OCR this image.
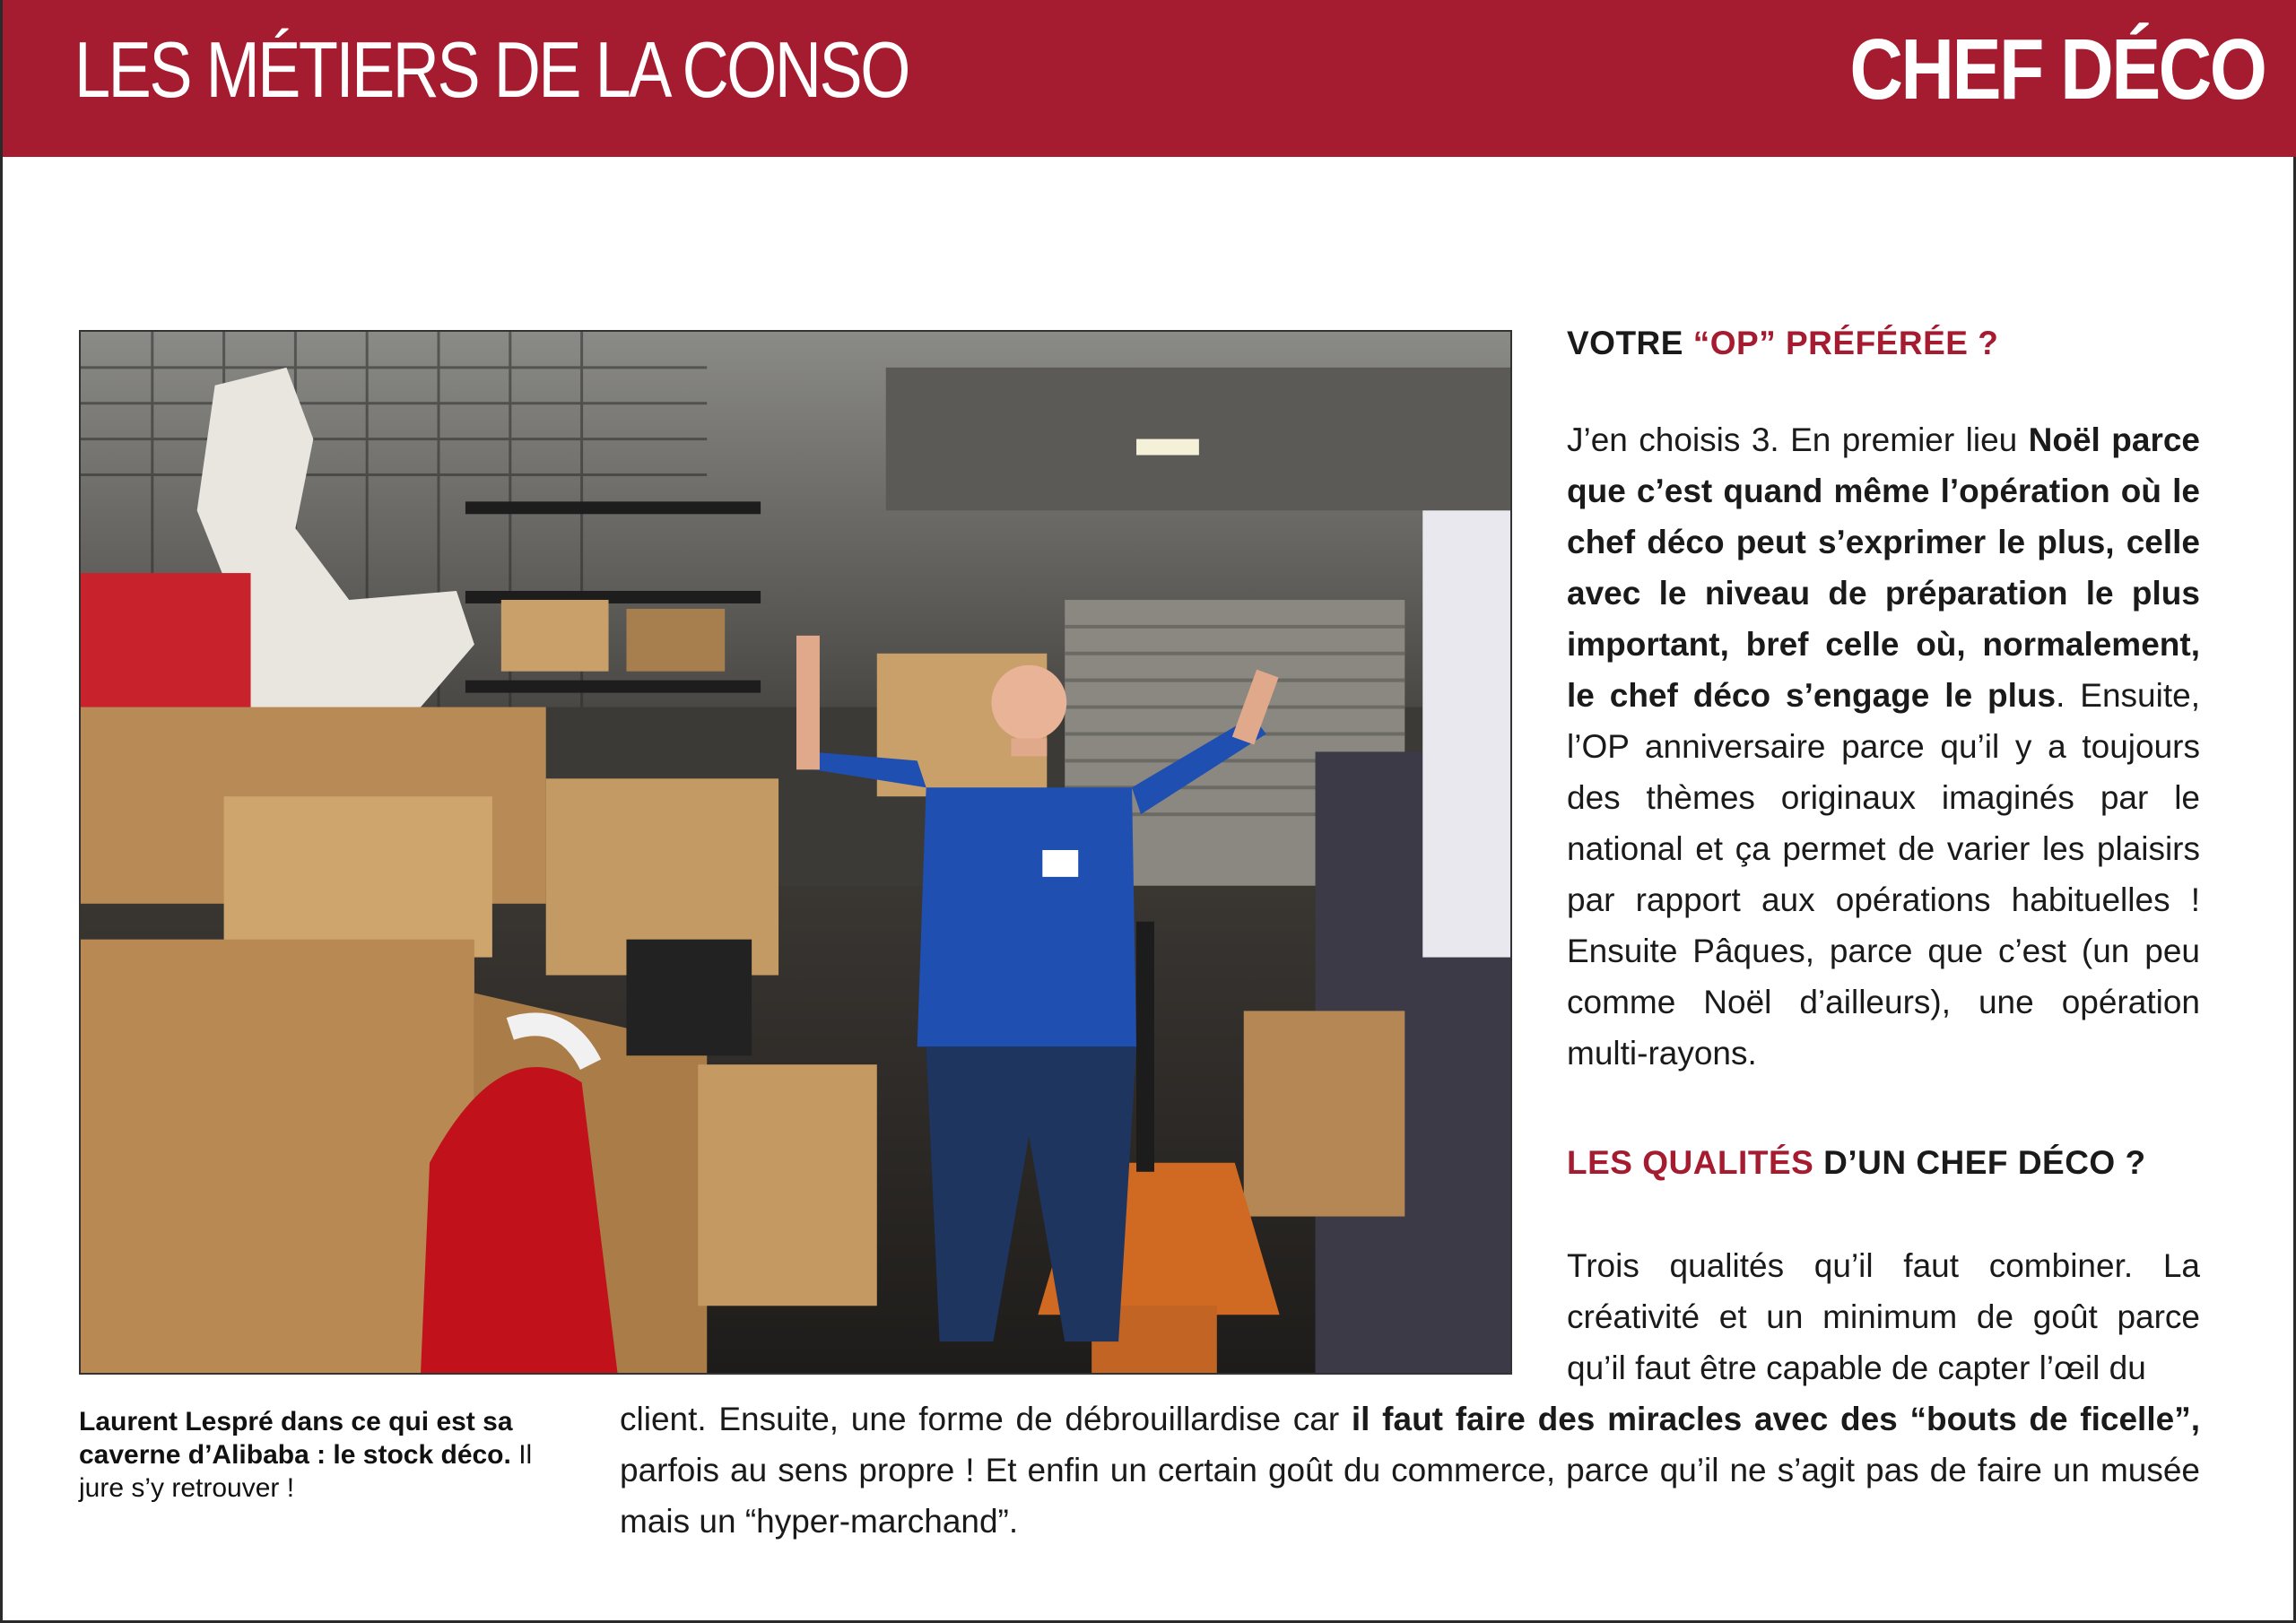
LES MÉTIERS DE LA CONSO	CHEF DÉCO
Laurent Lespré dans ce qui est sa caverne d’Alibaba : le stock déco. Il jure s’y retrouver !
VOTRE “OP” PRÉFÉRÉE ?
J’en choisis 3. En premier lieu Noël parce que c’est quand même l’opération où le chef déco peut s’exprimer le plus, celle avec le niveau de préparation le plus important, bref celle où, normalement, le chef déco s’engage le plus. Ensuite, l’OP anniversaire parce qu’il y a toujours des thèmes originaux imaginés par le national et ça permet de varier les plaisirs par rapport aux opérations habituelles ! Ensuite Pâques, parce que c’est (un peu comme Noël d’ailleurs), une opération multi-rayons.
LES QUALITÉS D’UN CHEF DÉCO ?
Trois qualités qu’il faut combiner. La créativité et un minimum de goût parce qu’il faut être capable de capter l’œil du
client. Ensuite, une forme de débrouillardise car il faut faire des miracles avec des “bouts de ficelle”, parfois au sens propre ! Et enfin un certain goût du commerce, parce qu’il ne s’agit pas de faire un musée mais un “hyper-marchand”.
